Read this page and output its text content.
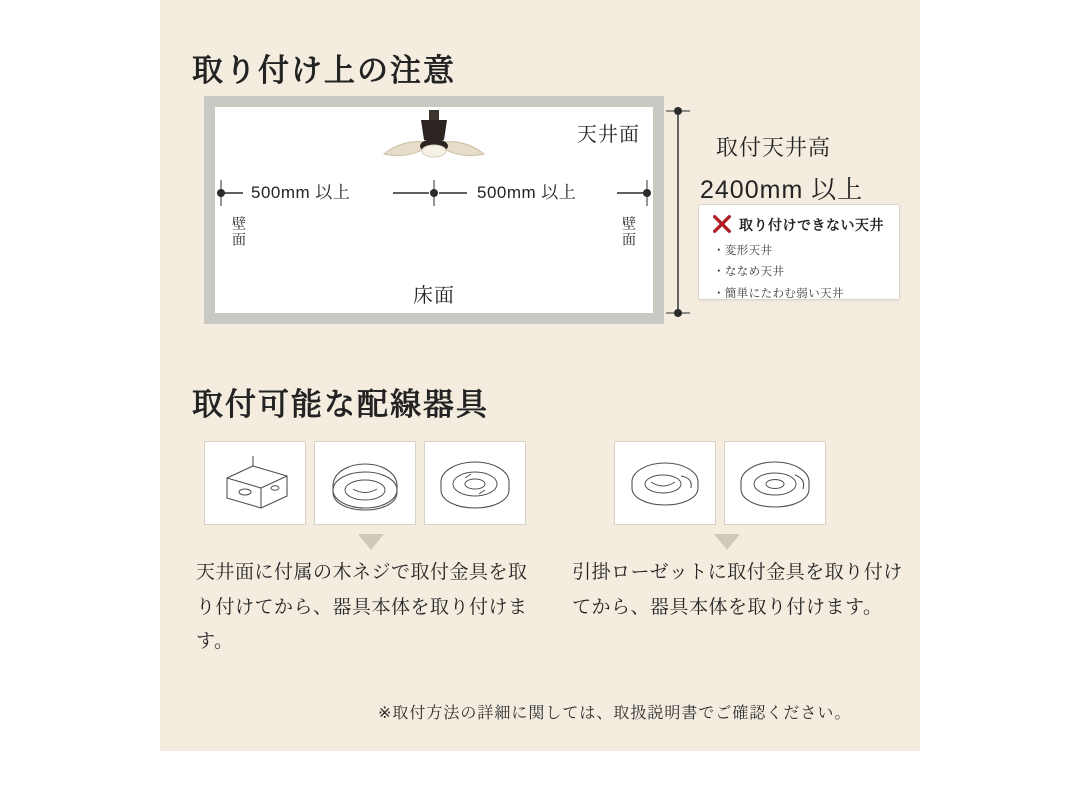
取り付け上の注意
天井面
床面
壁面	壁面
500mm 以上	500mm 以上
取付天井高
2400mm 以上
取り付けできない天井
・変形天井
・ななめ天井
・簡単にたわむ弱い天井
取付可能な配線器具
天井面に付属の木ネジで取付金具を取り付けてから、器具本体を取り付けます。
引掛ローゼットに取付金具を取り付けてから、器具本体を取り付けます。
※取付方法の詳細に関しては、取扱説明書でご確認ください。
